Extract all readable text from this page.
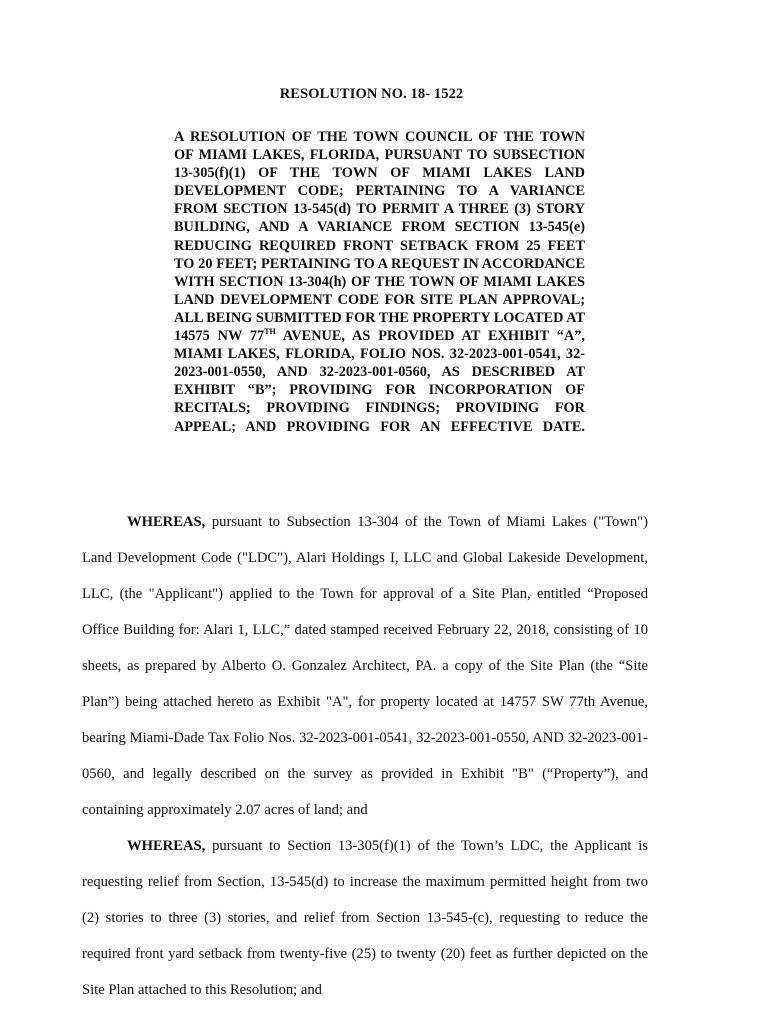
RESOLUTION NO. 18- 1522
A RESOLUTION OF THE TOWN COUNCIL OF THE TOWN OF MIAMI LAKES, FLORIDA, PURSUANT TO SUBSECTION 13-305(f)(1) OF THE TOWN OF MIAMI LAKES LAND DEVELOPMENT CODE; PERTAINING TO A VARIANCE FROM SECTION 13-545(d) TO PERMIT A THREE (3) STORY BUILDING, AND A VARIANCE FROM SECTION 13-545(e) REDUCING REQUIRED FRONT SETBACK FROM 25 FEET TO 20 FEET; PERTAINING TO A REQUEST IN ACCORDANCE WITH SECTION 13-304(h) OF THE TOWN OF MIAMI LAKES LAND DEVELOPMENT CODE FOR SITE PLAN APPROVAL; ALL BEING SUBMITTED FOR THE PROPERTY LOCATED AT 14575 NW 77TH AVENUE, AS PROVIDED AT EXHIBIT “A”, MIAMI LAKES, FLORIDA, FOLIO NOS. 32-2023-001-0541, 32-2023-001-0550, AND 32-2023-001-0560, AS DESCRIBED AT EXHIBIT “B”; PROVIDING FOR INCORPORATION OF RECITALS; PROVIDING FINDINGS; PROVIDING FOR APPEAL; AND PROVIDING FOR AN EFFECTIVE DATE.

WHEREAS, pursuant to Subsection 13-304 of the Town of Miami Lakes ("Town") Land Development Code ("LDC"), Alari Holdings I, LLC and Global Lakeside Development, LLC, (the "Applicant") applied to the Town for approval of a Site Plan, entitled “Proposed Office Building for: Alari 1, LLC,” dated stamped received February 22, 2018, consisting of 10 sheets, as prepared by Alberto O. Gonzalez Architect, PA. a copy of the Site Plan (the “Site Plan”) being attached hereto as Exhibit "A", for property located at 14757 SW 77th Avenue, bearing Miami-Dade Tax Folio Nos. 32-2023-001-0541, 32-2023-001-0550, AND 32-2023-001-0560, and legally described on the survey as provided in Exhibit "B" (“Property”), and containing approximately 2.07 acres of land; and

WHEREAS, pursuant to Section 13-305(f)(1) of the Town’s LDC, the Applicant is requesting relief from Section, 13-545(d) to increase the maximum permitted height from two (2) stories to three (3) stories, and relief from Section 13-545-(c), requesting to reduce the required front yard setback from twenty-five (25) to twenty (20) feet as further depicted on the Site Plan attached to this Resolution; and
